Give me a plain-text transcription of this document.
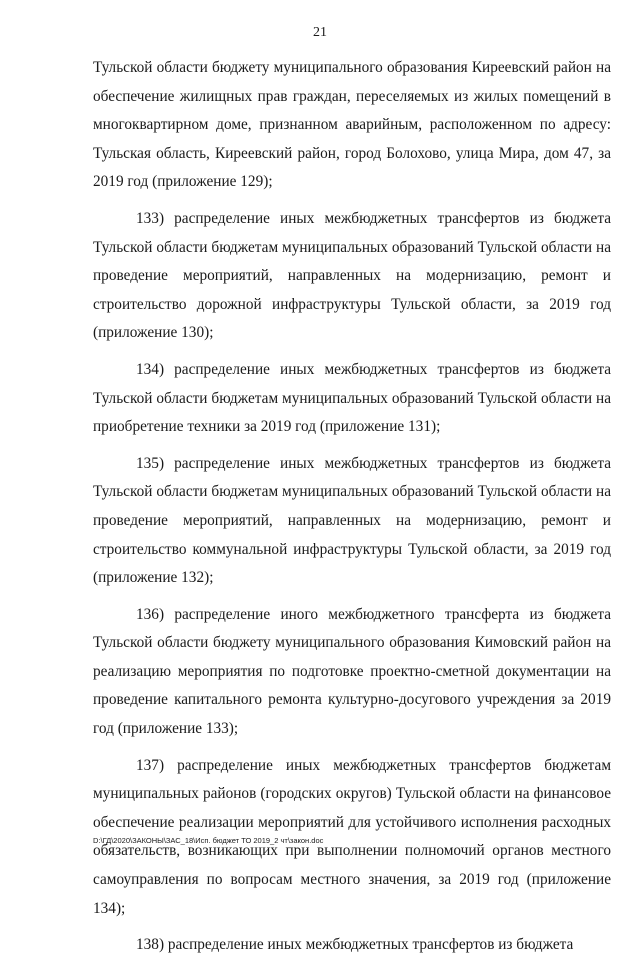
21

Тульской области бюджету муниципального образования Киреевский район на обеспечение жилищных прав граждан, переселяемых из жилых помещений в многоквартирном доме, признанном аварийным, расположенном по адресу: Тульская область, Киреевский район, город Болохово, улица Мира, дом 47, за 2019 год (приложение 129);

133) распределение иных межбюджетных трансфертов из бюджета Тульской области бюджетам муниципальных образований Тульской области на проведение мероприятий, направленных на модернизацию, ремонт и строительство дорожной инфраструктуры Тульской области, за 2019 год (приложение 130);

134) распределение иных межбюджетных трансфертов из бюджета Тульской области бюджетам муниципальных образований Тульской области на приобретение техники за 2019 год (приложение 131);

135) распределение иных межбюджетных трансфертов из бюджета Тульской области бюджетам муниципальных образований Тульской области на проведение мероприятий, направленных на модернизацию, ремонт и строительство коммунальной инфраструктуры Тульской области, за 2019 год (приложение 132);

136) распределение иного межбюджетного трансферта из бюджета Тульской области бюджету муниципального образования Кимовский район на реализацию мероприятия по подготовке проектно-сметной документации на проведение капитального ремонта культурно-досугового учреждения за 2019 год (приложение 133);

137) распределение иных межбюджетных трансфертов бюджетам муниципальных районов (городских округов) Тульской области на финансовое обеспечение реализации мероприятий для устойчивого исполнения расходных обязательств, возникающих при выполнении полномочий органов местного самоуправления по вопросам местного значения, за 2019 год (приложение 134);

138) распределение иных межбюджетных трансфертов из бюджета

D:\ГД\2020\ЗАКОНЫ\ЗАС_18\Исп. бюджет ТО 2019_2 чт\закон.doc
